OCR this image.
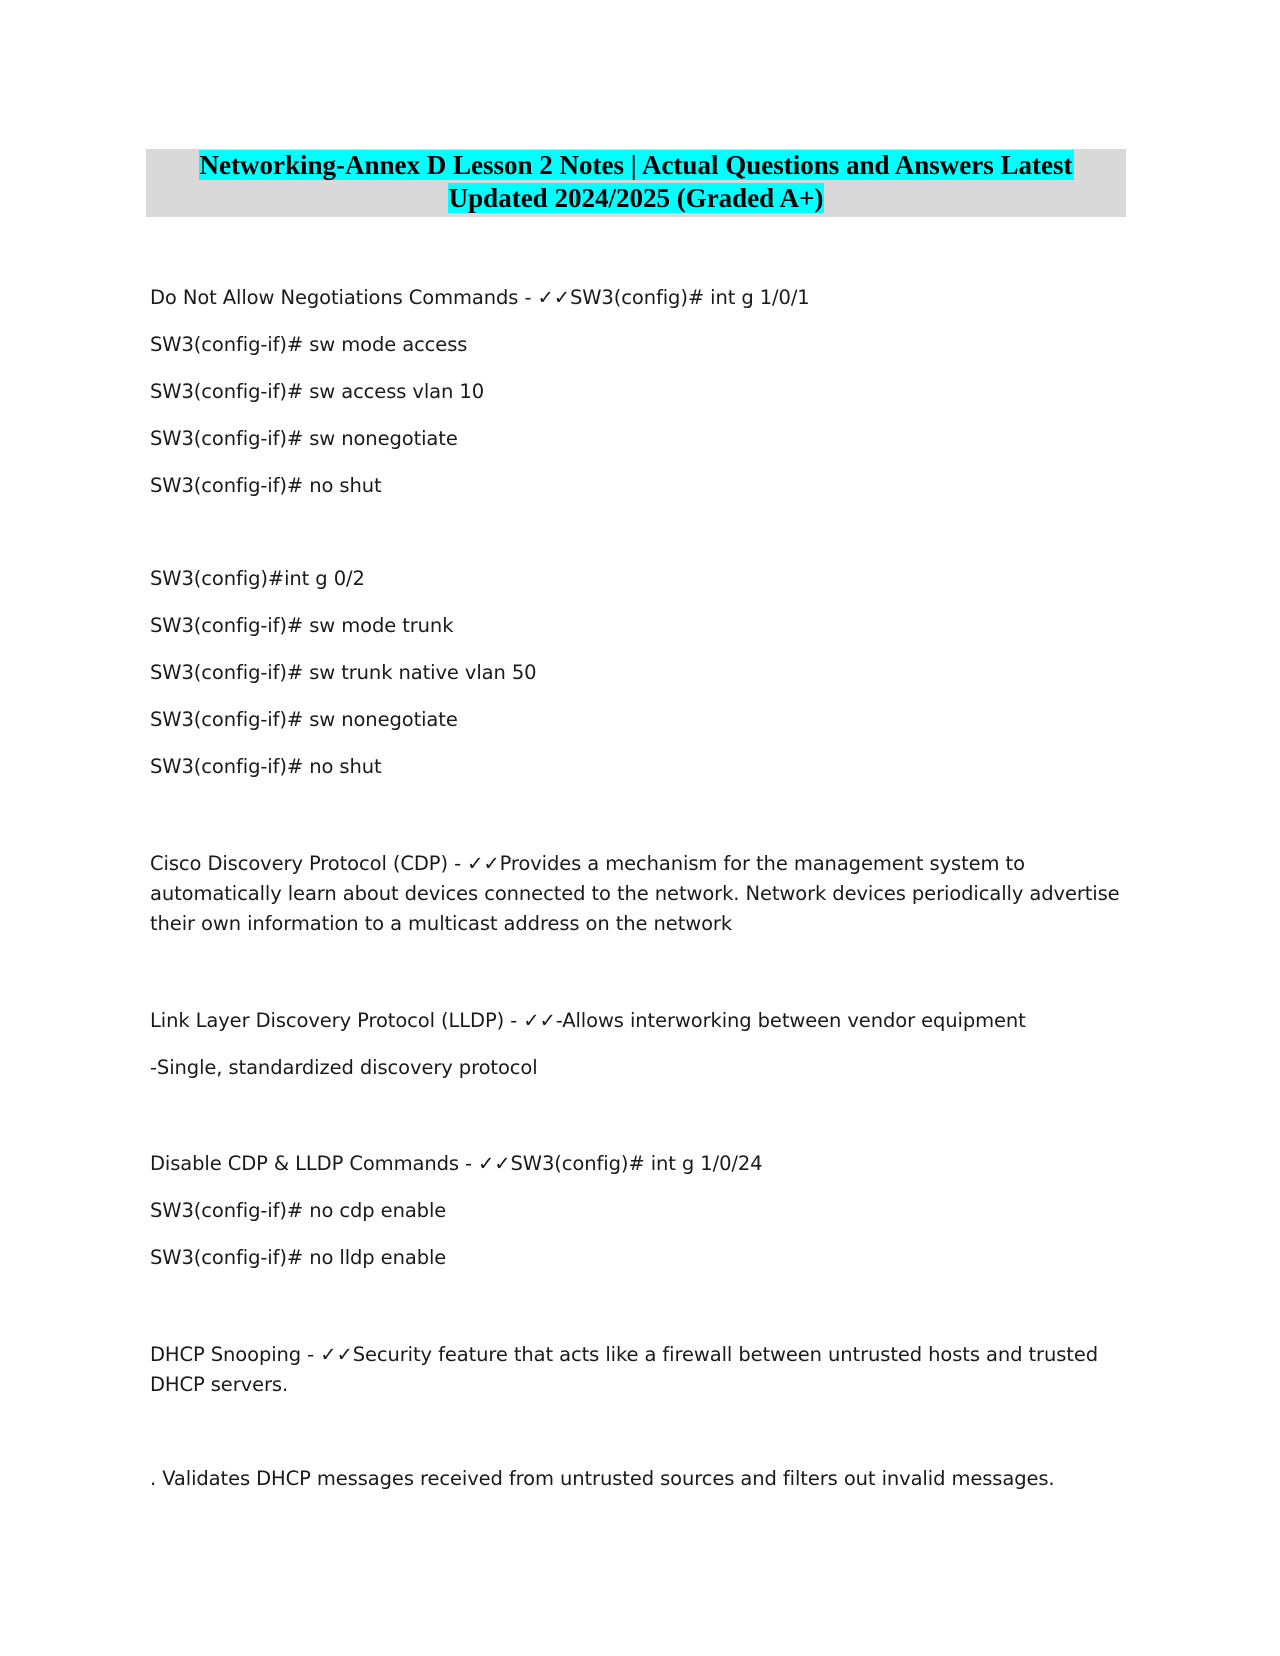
Networking-Annex D Lesson 2 Notes | Actual Questions and Answers Latest
Updated 2024/2025 (Graded A+)
Do Not Allow Negotiations Commands - ✓✓SW3(config)# int g 1/0/1
SW3(config-if)# sw mode access
SW3(config-if)# sw access vlan 10
SW3(config-if)# sw nonegotiate
SW3(config-if)# no shut
SW3(config)#int g 0/2
SW3(config-if)# sw mode trunk
SW3(config-if)# sw trunk native vlan 50
SW3(config-if)# sw nonegotiate
SW3(config-if)# no shut
Cisco Discovery Protocol (CDP) - ✓✓Provides a mechanism for the management system to automatically learn about devices connected to the network. Network devices periodically advertise their own information to a multicast address on the network
Link Layer Discovery Protocol (LLDP) - ✓✓-Allows interworking between vendor equipment
-Single, standardized discovery protocol
Disable CDP & LLDP Commands - ✓✓SW3(config)# int g 1/0/24
SW3(config-if)# no cdp enable
SW3(config-if)# no lldp enable
DHCP Snooping - ✓✓Security feature that acts like a firewall between untrusted hosts and trusted DHCP servers.
. Validates DHCP messages received from untrusted sources and filters out invalid messages.
